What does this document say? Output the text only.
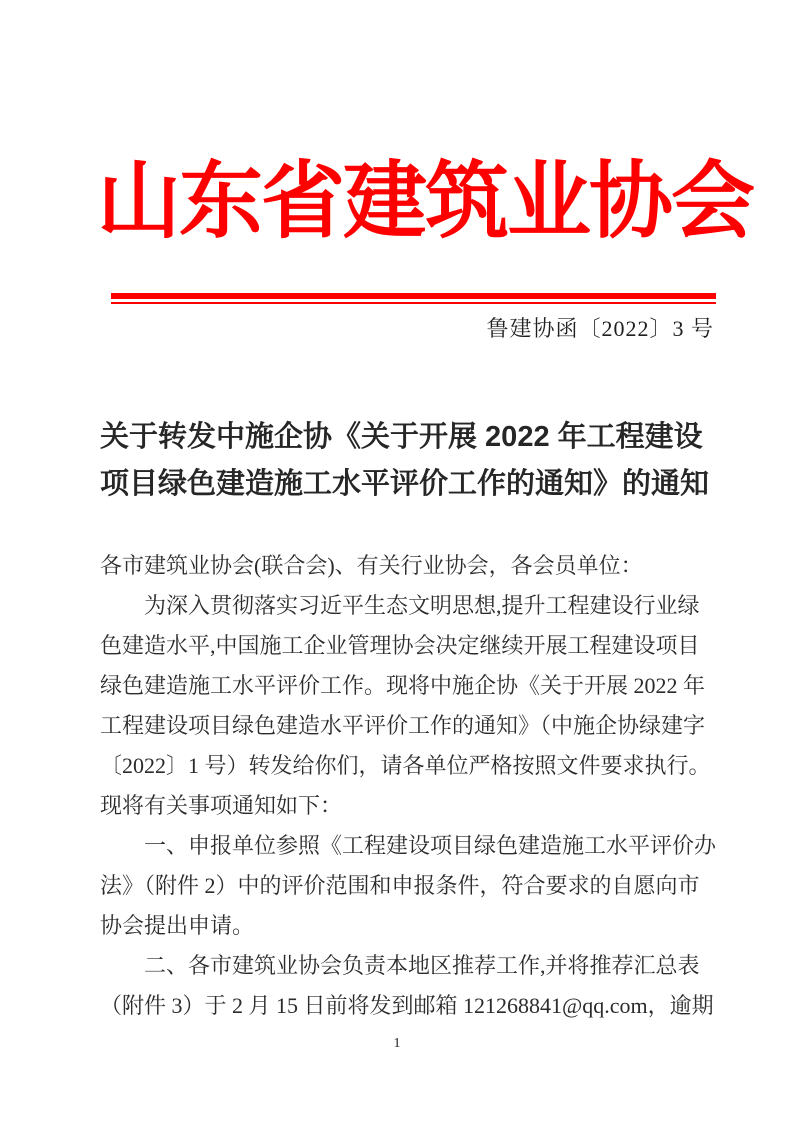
山东省建筑业协会
鲁建协函〔2022〕3 号
关于转发中施企协《关于开展 2022 年工程建设
项目绿色建造施工水平评价工作的通知》的通知
各市建筑业协会(联合会)、有关行业协会，各会员单位：
为深入贯彻落实习近平生态文明思想,提升工程建设行业绿
色建造水平,中国施工企业管理协会决定继续开展工程建设项目
绿色建造施工水平评价工作。现将中施企协《关于开展 2022 年
工程建设项目绿色建造水平评价工作的通知》（中施企协绿建字
〔2022〕1 号）转发给你们，请各单位严格按照文件要求执行。
现将有关事项通知如下：
一、申报单位参照《工程建设项目绿色建造施工水平评价办
法》（附件 2）中的评价范围和申报条件，符合要求的自愿向市
协会提出申请。
二、各市建筑业协会负责本地区推荐工作,并将推荐汇总表
（附件 3）于 2 月 15 日前将发到邮箱 121268841@qq.com，逾期
1
